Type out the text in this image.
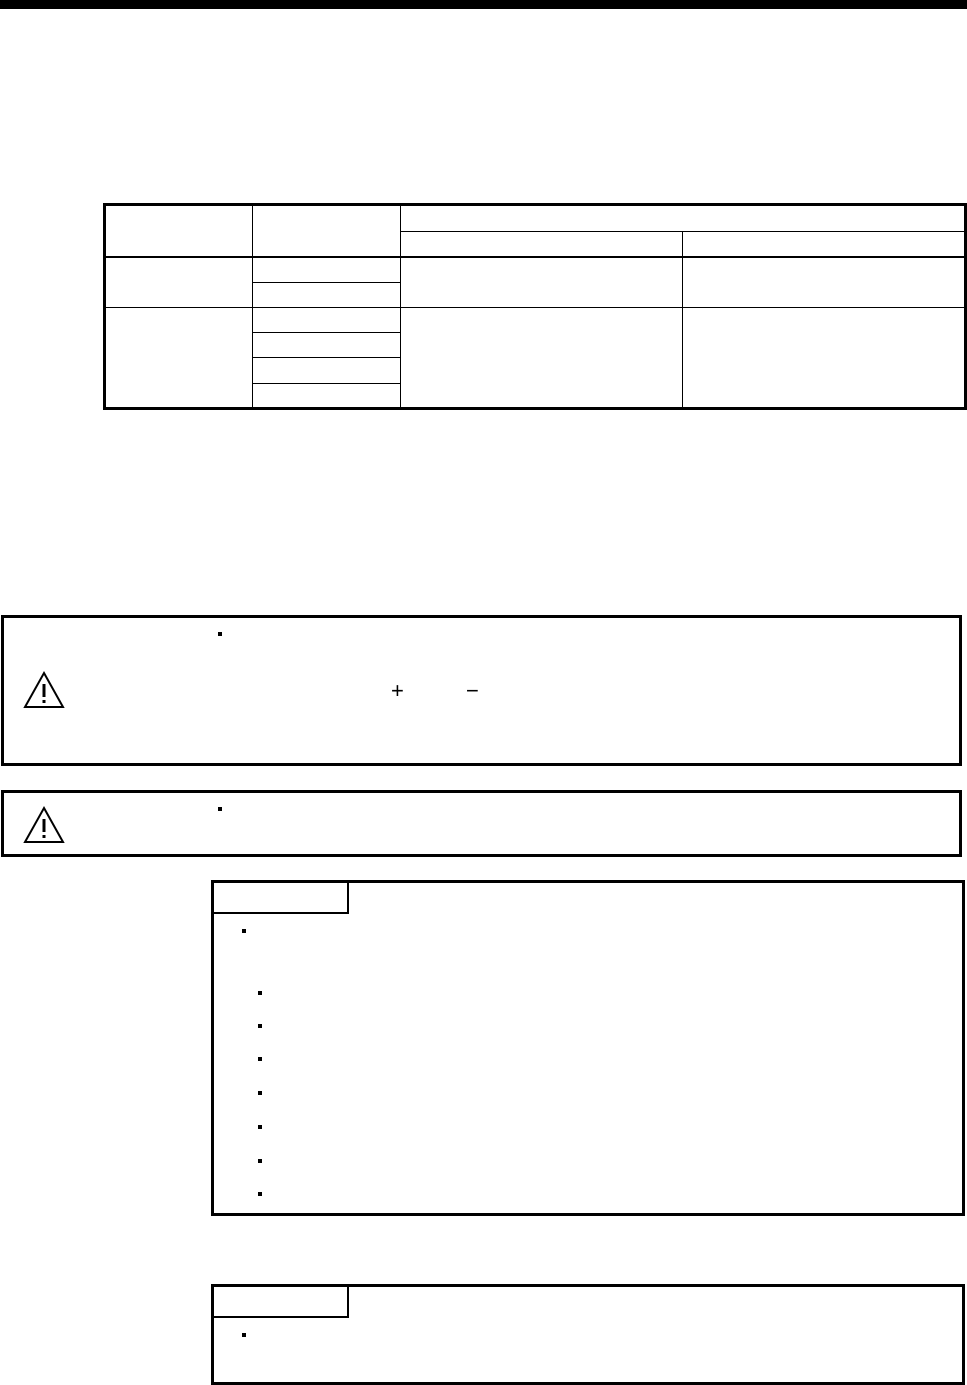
+	−
